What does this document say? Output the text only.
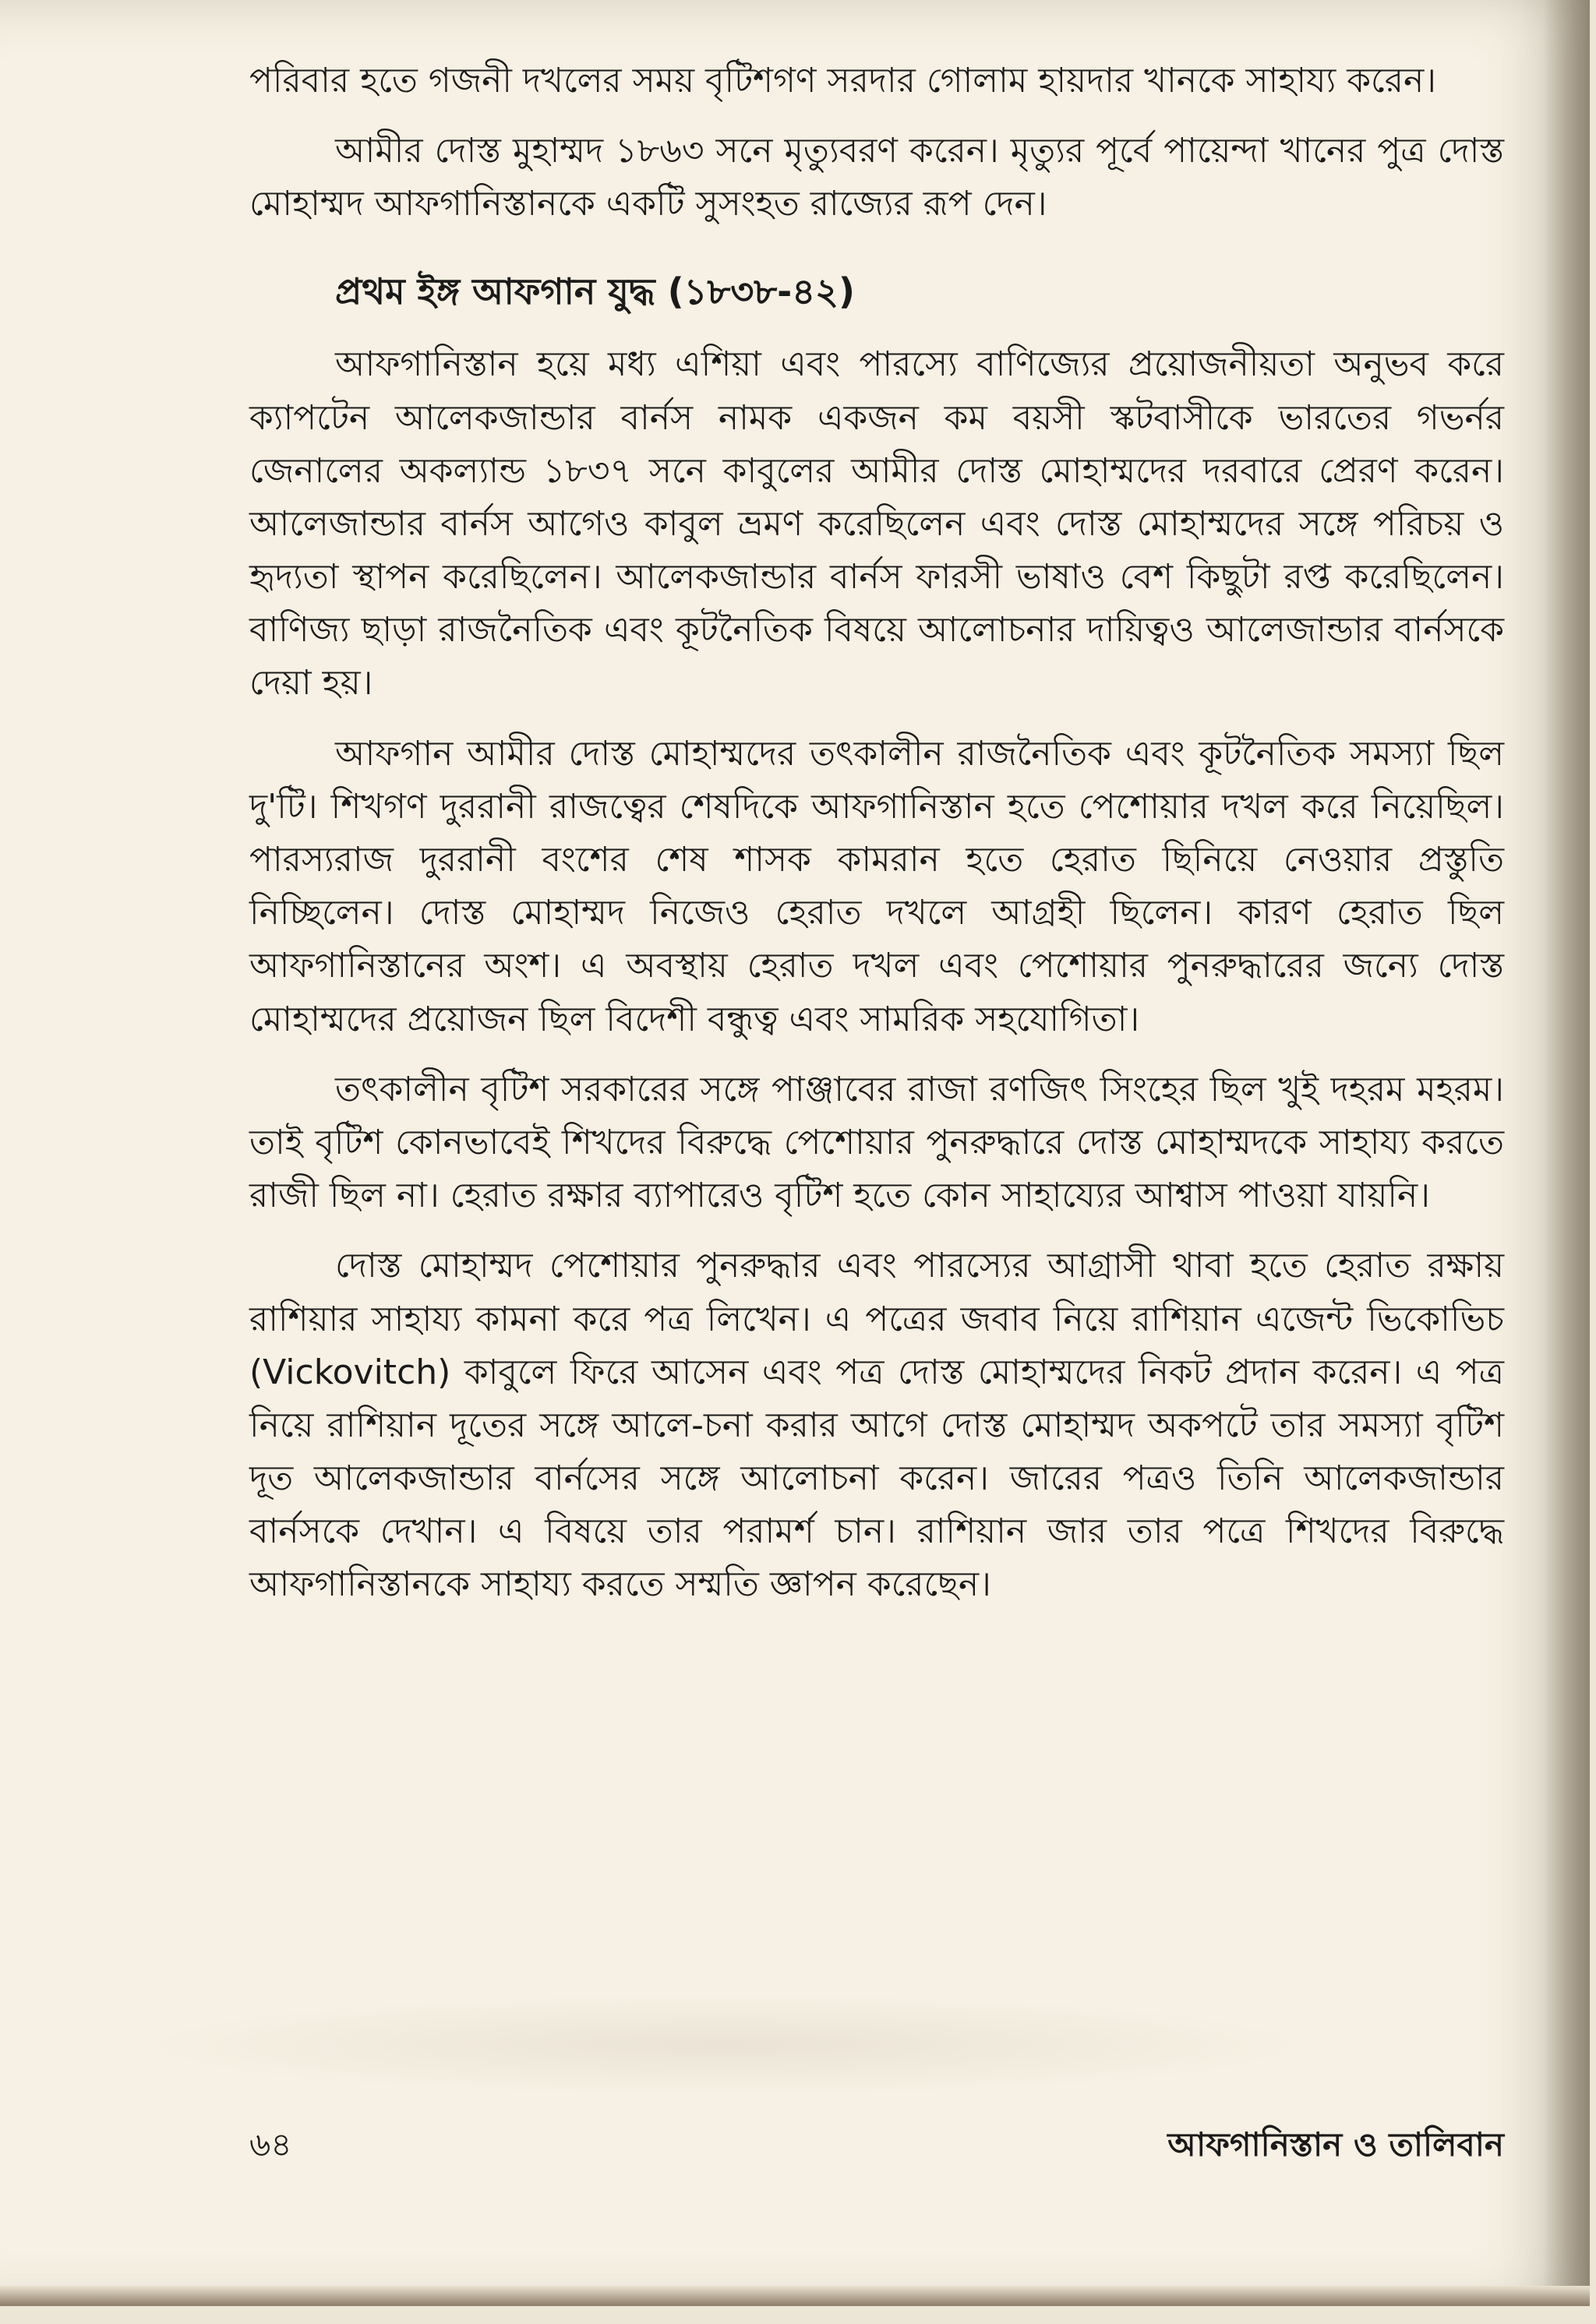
পরিবার হতে গজনী দখলের সময় বৃটিশগণ সরদার গোলাম হায়দার খানকে সাহায্য করেন।

আমীর দোস্ত মুহাম্মদ ১৮৬৩ সনে মৃত্যুবরণ করেন। মৃত্যুর পূর্বে পায়েন্দা খানের পুত্র দোস্ত মোহাম্মদ আফগানিস্তানকে একটি সুসংহত রাজ্যের রূপ দেন।

প্রথম ইঙ্গ আফগান যুদ্ধ (১৮৩৮-৪২)

আফগানিস্তান হয়ে মধ্য এশিয়া এবং পারস্যে বাণিজ্যের প্রয়োজনীয়তা অনুভব করে ক্যাপটেন আলেকজান্ডার বার্নস নামক একজন কম বয়সী স্কটবাসীকে ভারতের গভর্নর জেনালের অকল্যান্ড ১৮৩৭ সনে কাবুলের আমীর দোস্ত মোহাম্মদের দরবারে প্রেরণ করেন। আলেজান্ডার বার্নস আগেও কাবুল ভ্রমণ করেছিলেন এবং দোস্ত মোহাম্মদের সঙ্গে পরিচয় ও হৃদ্যতা স্থাপন করেছিলেন। আলেকজান্ডার বার্নস ফারসী ভাষাও বেশ কিছুটা রপ্ত করেছিলেন। বাণিজ্য ছাড়া রাজনৈতিক এবং কূটনৈতিক বিষয়ে আলোচনার দায়িত্বও আলেজান্ডার বার্নসকে দেয়া হয়।

আফগান আমীর দোস্ত মোহাম্মদের তৎকালীন রাজনৈতিক এবং কূটনৈতিক সমস্যা ছিল দু'টি। শিখগণ দুররানী রাজত্বের শেষদিকে আফগানিস্তান হতে পেশোয়ার দখল করে নিয়েছিল। পারস্যরাজ দুররানী বংশের শেষ শাসক কামরান হতে হেরাত ছিনিয়ে নেওয়ার প্রস্তুতি নিচ্ছিলেন। দোস্ত মোহাম্মদ নিজেও হেরাত দখলে আগ্রহী ছিলেন। কারণ হেরাত ছিল আফগানিস্তানের অংশ। এ অবস্থায় হেরাত দখল এবং পেশোয়ার পুনরুদ্ধারের জন্যে দোস্ত মোহাম্মদের প্রয়োজন ছিল বিদেশী বন্ধুত্ব এবং সামরিক সহযোগিতা।

তৎকালীন বৃটিশ সরকারের সঙ্গে পাঞ্জাবের রাজা রণজিৎ সিংহের ছিল খুই দহরম মহরম। তাই বৃটিশ কোনভাবেই শিখদের বিরুদ্ধে পেশোয়ার পুনরুদ্ধারে দোস্ত মোহাম্মদকে সাহায্য করতে রাজী ছিল না। হেরাত রক্ষার ব্যাপারেও বৃটিশ হতে কোন সাহায্যের আশ্বাস পাওয়া যায়নি।

দোস্ত মোহাম্মদ পেশোয়ার পুনরুদ্ধার এবং পারস্যের আগ্রাসী থাবা হতে হেরাত রক্ষায় রাশিয়ার সাহায্য কামনা করে পত্র লিখেন। এ পত্রের জবাব নিয়ে রাশিয়ান এজেন্ট ভিকোভিচ (Vickovitch) কাবুলে ফিরে আসেন এবং পত্র দোস্ত মোহাম্মদের নিকট প্রদান করেন। এ পত্র নিয়ে রাশিয়ান দূতের সঙ্গে আলে-চনা করার আগে দোস্ত মোহাম্মদ অকপটে তার সমস্যা বৃটিশ দূত আলেকজান্ডার বার্নসের সঙ্গে আলোচনা করেন। জারের পত্রও তিনি আলেকজান্ডার বার্নসকে দেখান। এ বিষয়ে তার পরামর্শ চান। রাশিয়ান জার তার পত্রে শিখদের বিরুদ্ধে আফগানিস্তানকে সাহায্য করতে সম্মতি জ্ঞাপন করেছেন।

৬৪	আফগানিস্তান ও তালিবান
